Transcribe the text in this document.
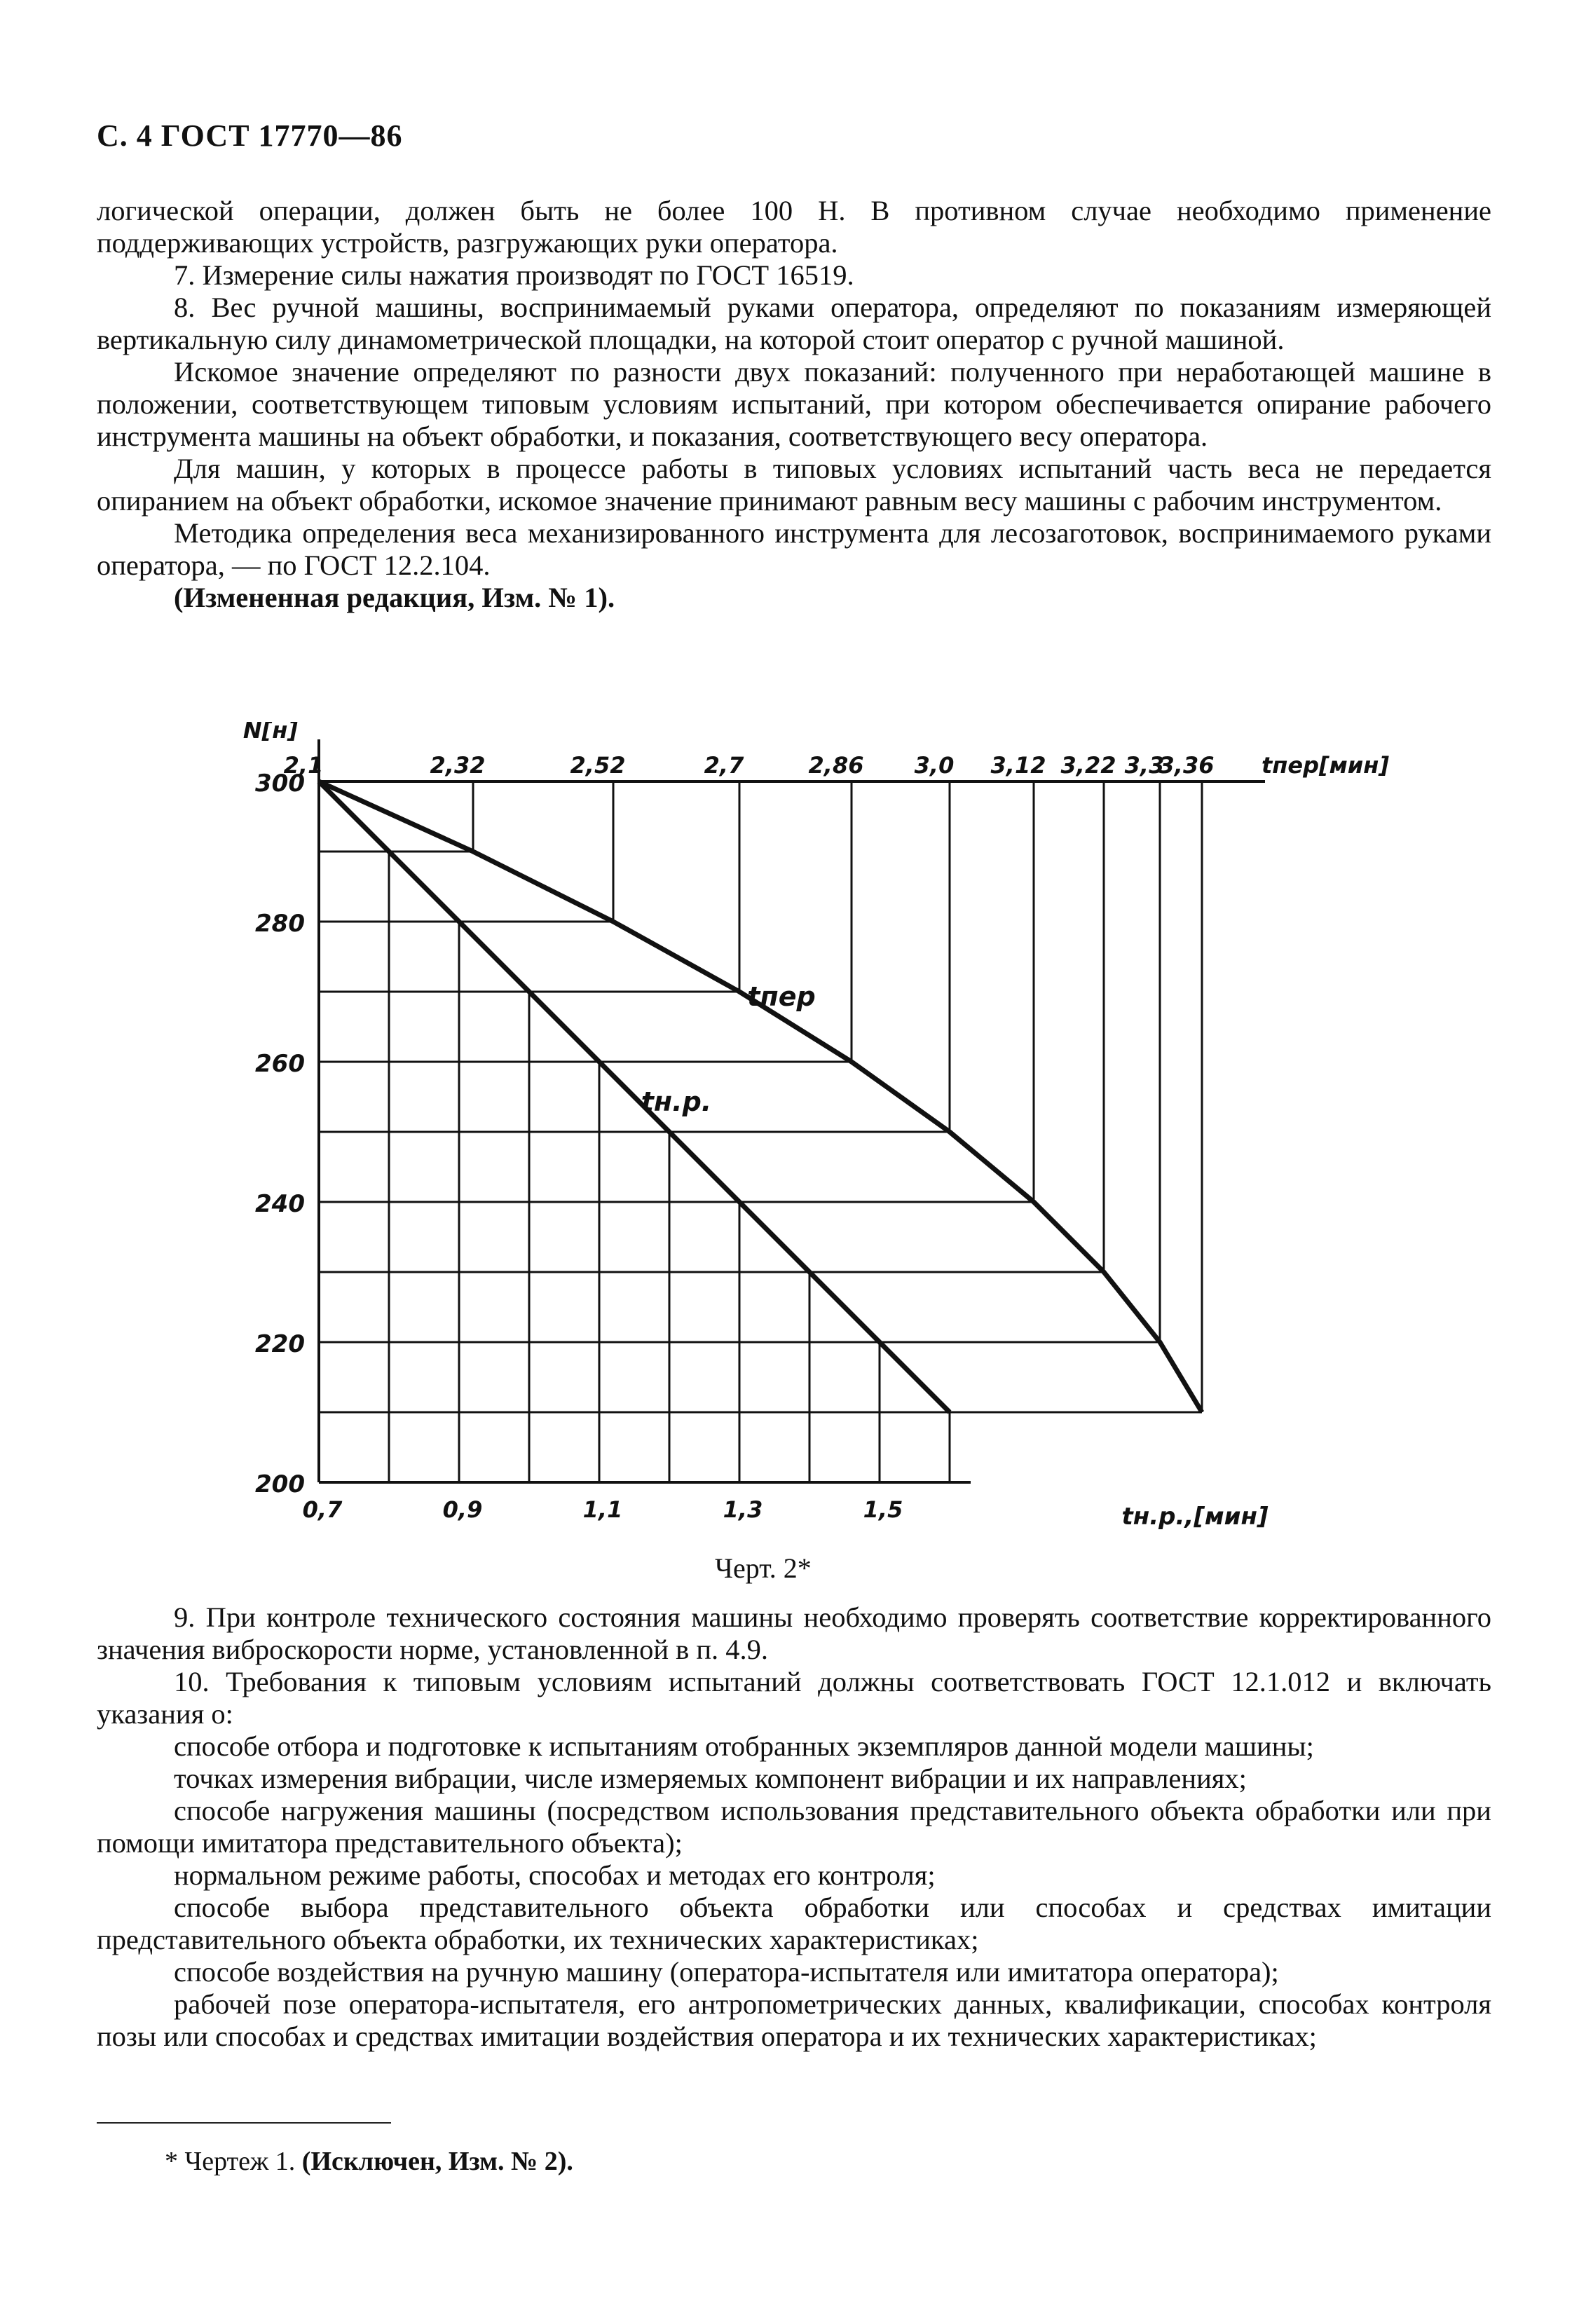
С. 4 ГОСТ 17770—86

логической операции, должен быть не более 100 Н. В противном случае необходимо применение поддерживающих устройств, разгружающих руки оператора.

7. Измерение силы нажатия производят по ГОСТ 16519.

8. Вес ручной машины, воспринимаемый руками оператора, определяют по показаниям измеряющей вертикальную силу динамометрической площадки, на которой стоит оператор с ручной машиной.

Искомое значение определяют по разности двух показаний: полученного при неработающей машине в положении, соответствующем типовым условиям испытаний, при котором обеспечивается опирание рабочего инструмента машины на объект обработки, и показания, соответствующего весу оператора.

Для машин, у которых в процессе работы в типовых условиях испытаний часть веса не передается опиранием на объект обработки, искомое значение принимают равным весу машины с рабочим инструментом.

Методика определения веса механизированного инструмента для лесозаготовок, воспринимаемого руками оператора, — по ГОСТ 12.2.104.

(Измененная редакция, Изм. № 1).

300
280
260
240
220
200
N[н]
2,1	2,32	2,52	2,7	2,86 3,0 3,12 3,22 3,3
3,36 tпер[мин]
0,7	0,9	1,1	1,3	1,5	tн.р.,[мин]
tпер
tн.р.
Черт. 2*

9. При контроле технического состояния машины необходимо проверять соответствие корректированного значения виброскорости норме, установленной в п. 4.9.

10. Требования к типовым условиям испытаний должны соответствовать ГОСТ 12.1.012 и включать указания о:

способе отбора и подготовке к испытаниям отобранных экземпляров данной модели машины;

точках измерения вибрации, числе измеряемых компонент вибрации и их направлениях;

способе нагружения машины (посредством использования представительного объекта обработки или при помощи имитатора представительного объекта);

нормальном режиме работы, способах и методах его контроля;

способе выбора представительного объекта обработки или способах и средствах имитации представительного объекта обработки, их технических характеристиках;

способе воздействия на ручную машину (оператора-испытателя или имитатора оператора);

рабочей позе оператора-испытателя, его антропометрических данных, квалификации, способах контроля позы или способах и средствах имитации воздействия оператора и их технических характеристиках;

* Чертеж 1. (Исключен, Изм. № 2).
